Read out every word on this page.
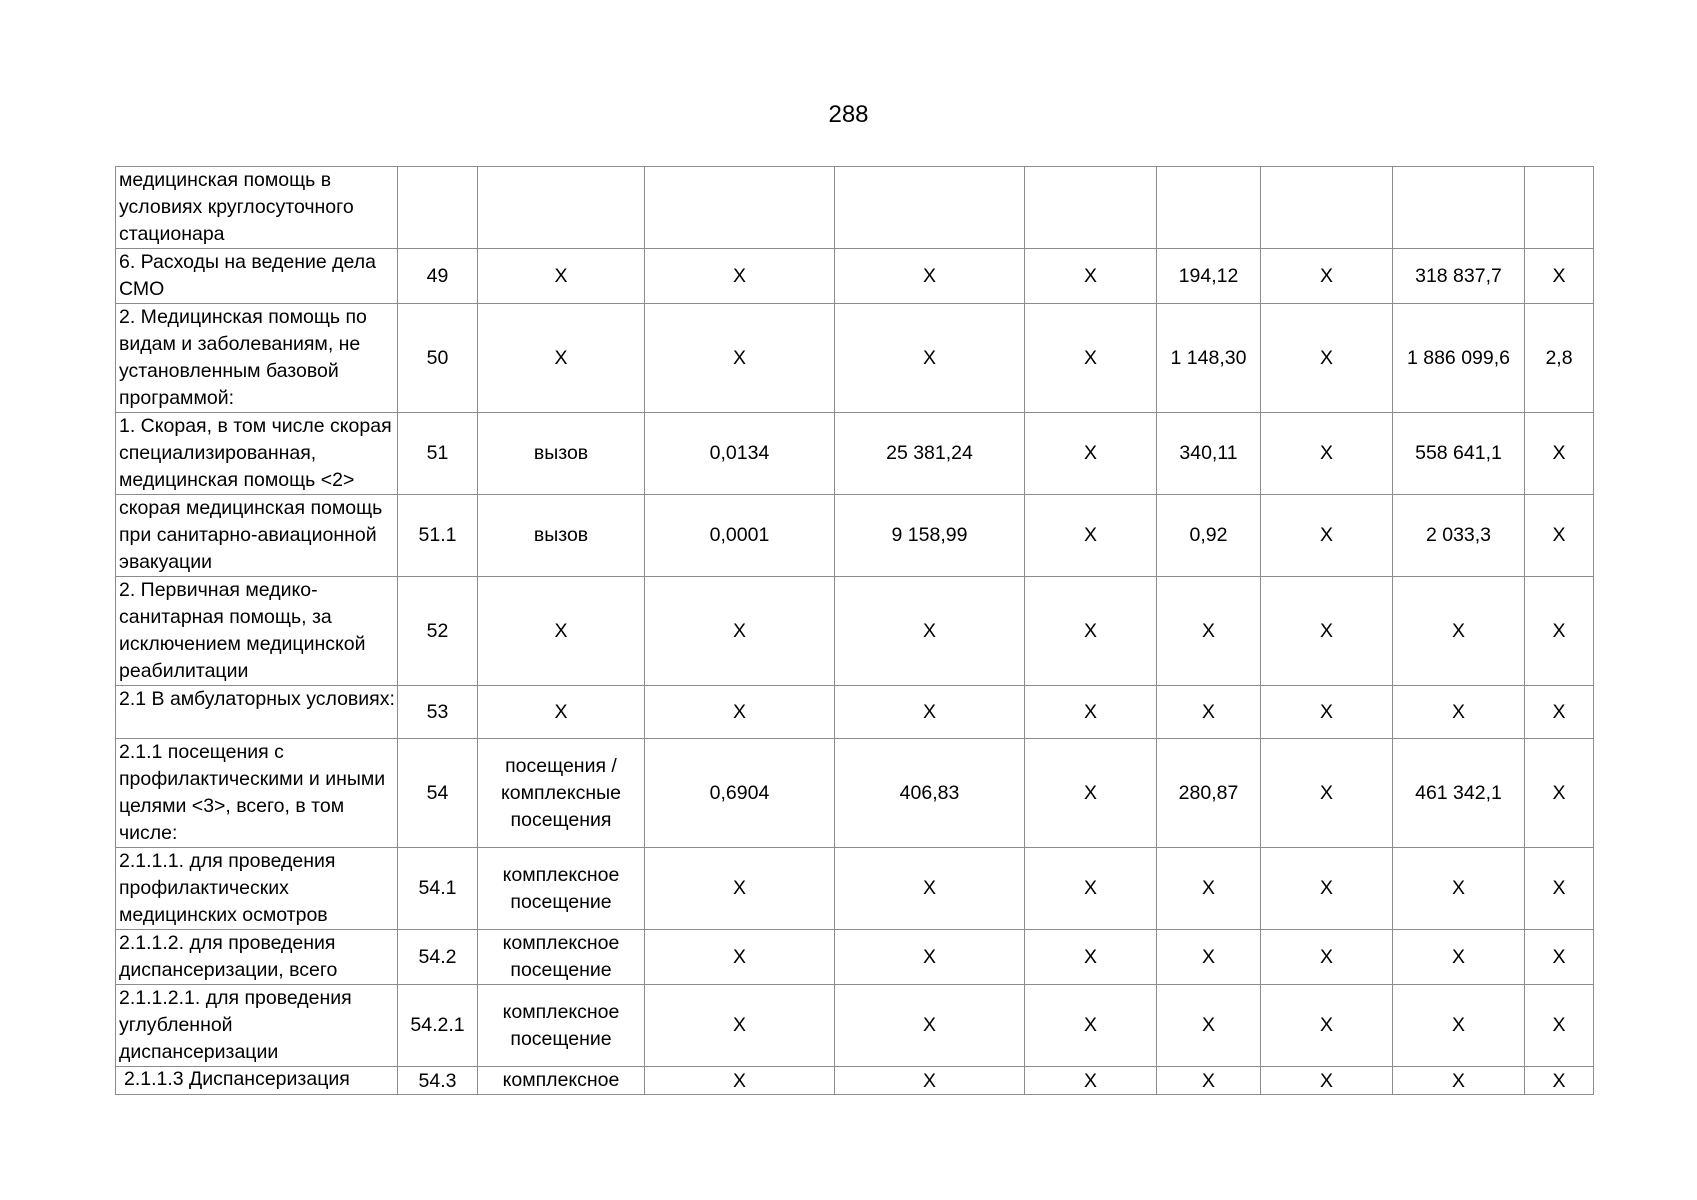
288
медицинская помощь в условиях круглосуточного стационара									
6. Расходы на ведение дела СМО	49	X	X	X	X	194,12	X	318 837,7	X
2. Медицинская помощь по видам и заболеваниям, не установленным базовой программой:	50	X	X	X	X	1 148,30	X	1 886 099,6	2,8
1. Скорая, в том числе скорая специализированная, медицинская помощь <2>	51	вызов	0,0134	25 381,24	X	340,11	X	558 641,1	X
скорая медицинская помощь при санитарно-авиационной эвакуации	51.1	вызов	0,0001	9 158,99	X	0,92	X	2 033,3	X
2. Первичная медико-санитарная помощь, за исключением медицинской реабилитации	52	X	X	X	X	X	X	X	X
2.1 В амбулаторных условиях:	53	X	X	X	X	X	X	X	X
2.1.1 посещения с профилактическими и иными целями <3>, всего, в том числе:	54	посещения / комплексные посещения	0,6904	406,83	X	280,87	X	461 342,1	X
2.1.1.1. для проведения профилактических медицинских осмотров	54.1	комплексное посещение	X	X	X	X	X	X	X
2.1.1.2. для проведения диспансеризации, всего	54.2	комплексное посещение	X	X	X	X	X	X	X
2.1.1.2.1. для проведения углубленной диспансеризации	54.2.1	комплексное посещение	X	X	X	X	X	X	X
2.1.1.3 Диспансеризация	54.3	комплексное	X	X	X	X	X	X	X
